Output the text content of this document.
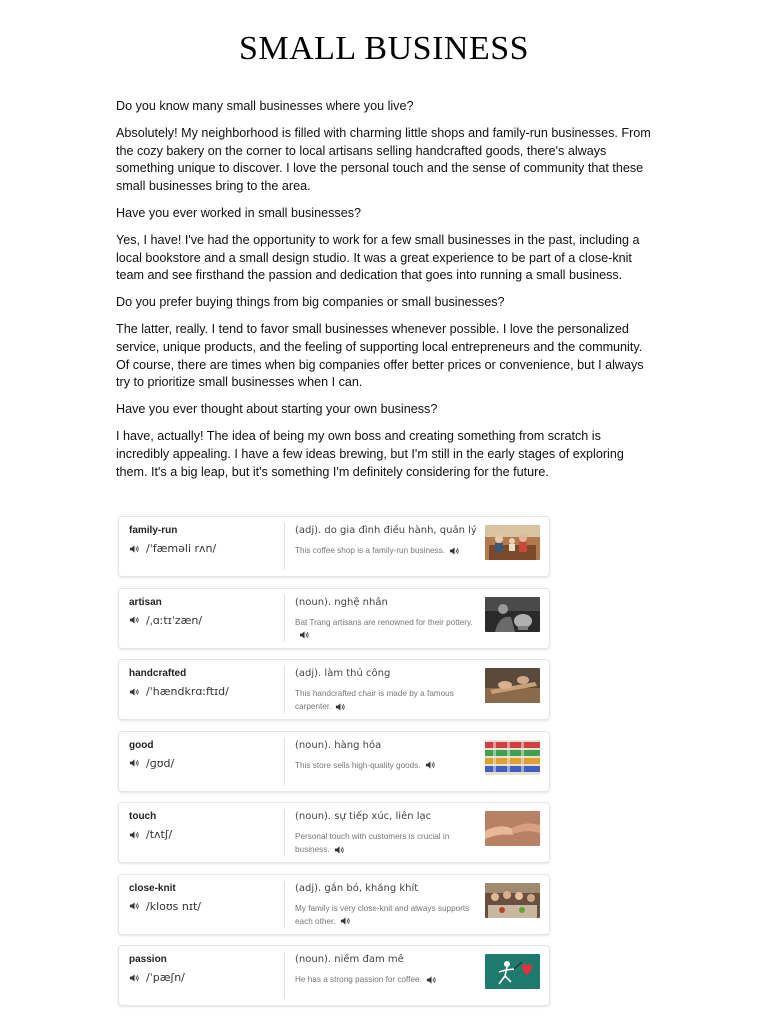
SMALL BUSINESS

Do you know many small businesses where you live?

Absolutely! My neighborhood is filled with charming little shops and family-run businesses. From the cozy bakery on the corner to local artisans selling handcrafted goods, there's always something unique to discover. I love the personal touch and the sense of community that these small businesses bring to the area.

Have you ever worked in small businesses?

Yes, I have! I've had the opportunity to work for a few small businesses in the past, including a local bookstore and a small design studio. It was a great experience to be part of a close-knit team and see firsthand the passion and dedication that goes into running a small business.

Do you prefer buying things from big companies or small businesses?

The latter, really. I tend to favor small businesses whenever possible. I love the personalized service, unique products, and the feeling of supporting local entrepreneurs and the community. Of course, there are times when big companies offer better prices or convenience, but I always try to prioritize small businesses when I can.

Have you ever thought about starting your own business?

I have, actually! The idea of being my own boss and creating something from scratch is incredibly appealing. I have a few ideas brewing, but I'm still in the early stages of exploring them. It's a big leap, but it's something I'm definitely considering for the future.

family-run
/ˈfæməli rʌn/
(adj). do gia đình điều hành, quản lý
This coffee shop is a family-run business.
artisan
/ˌɑːtɪˈzæn/
(noun). nghệ nhân
Bat Trang artisans are renowned for their pottery.
handcrafted
/ˈhændkrɑːftɪd/
(adj). làm thủ công
This handcrafted chair is made by a famous carpenter.
good
/ɡʊd/
(noun). hàng hóa
This store sells high-quality goods.
touch
/tʌtʃ/
(noun). sự tiếp xúc, liên lạc
Personal touch with customers is crucial in business.
close-knit
/kloʊs nɪt/
(adj). gắn bó, khăng khít
My family is very close-knit and always supports each other.
passion
/ˈpæʃn/
(noun). niềm đam mê
He has a strong passion for coffee.
